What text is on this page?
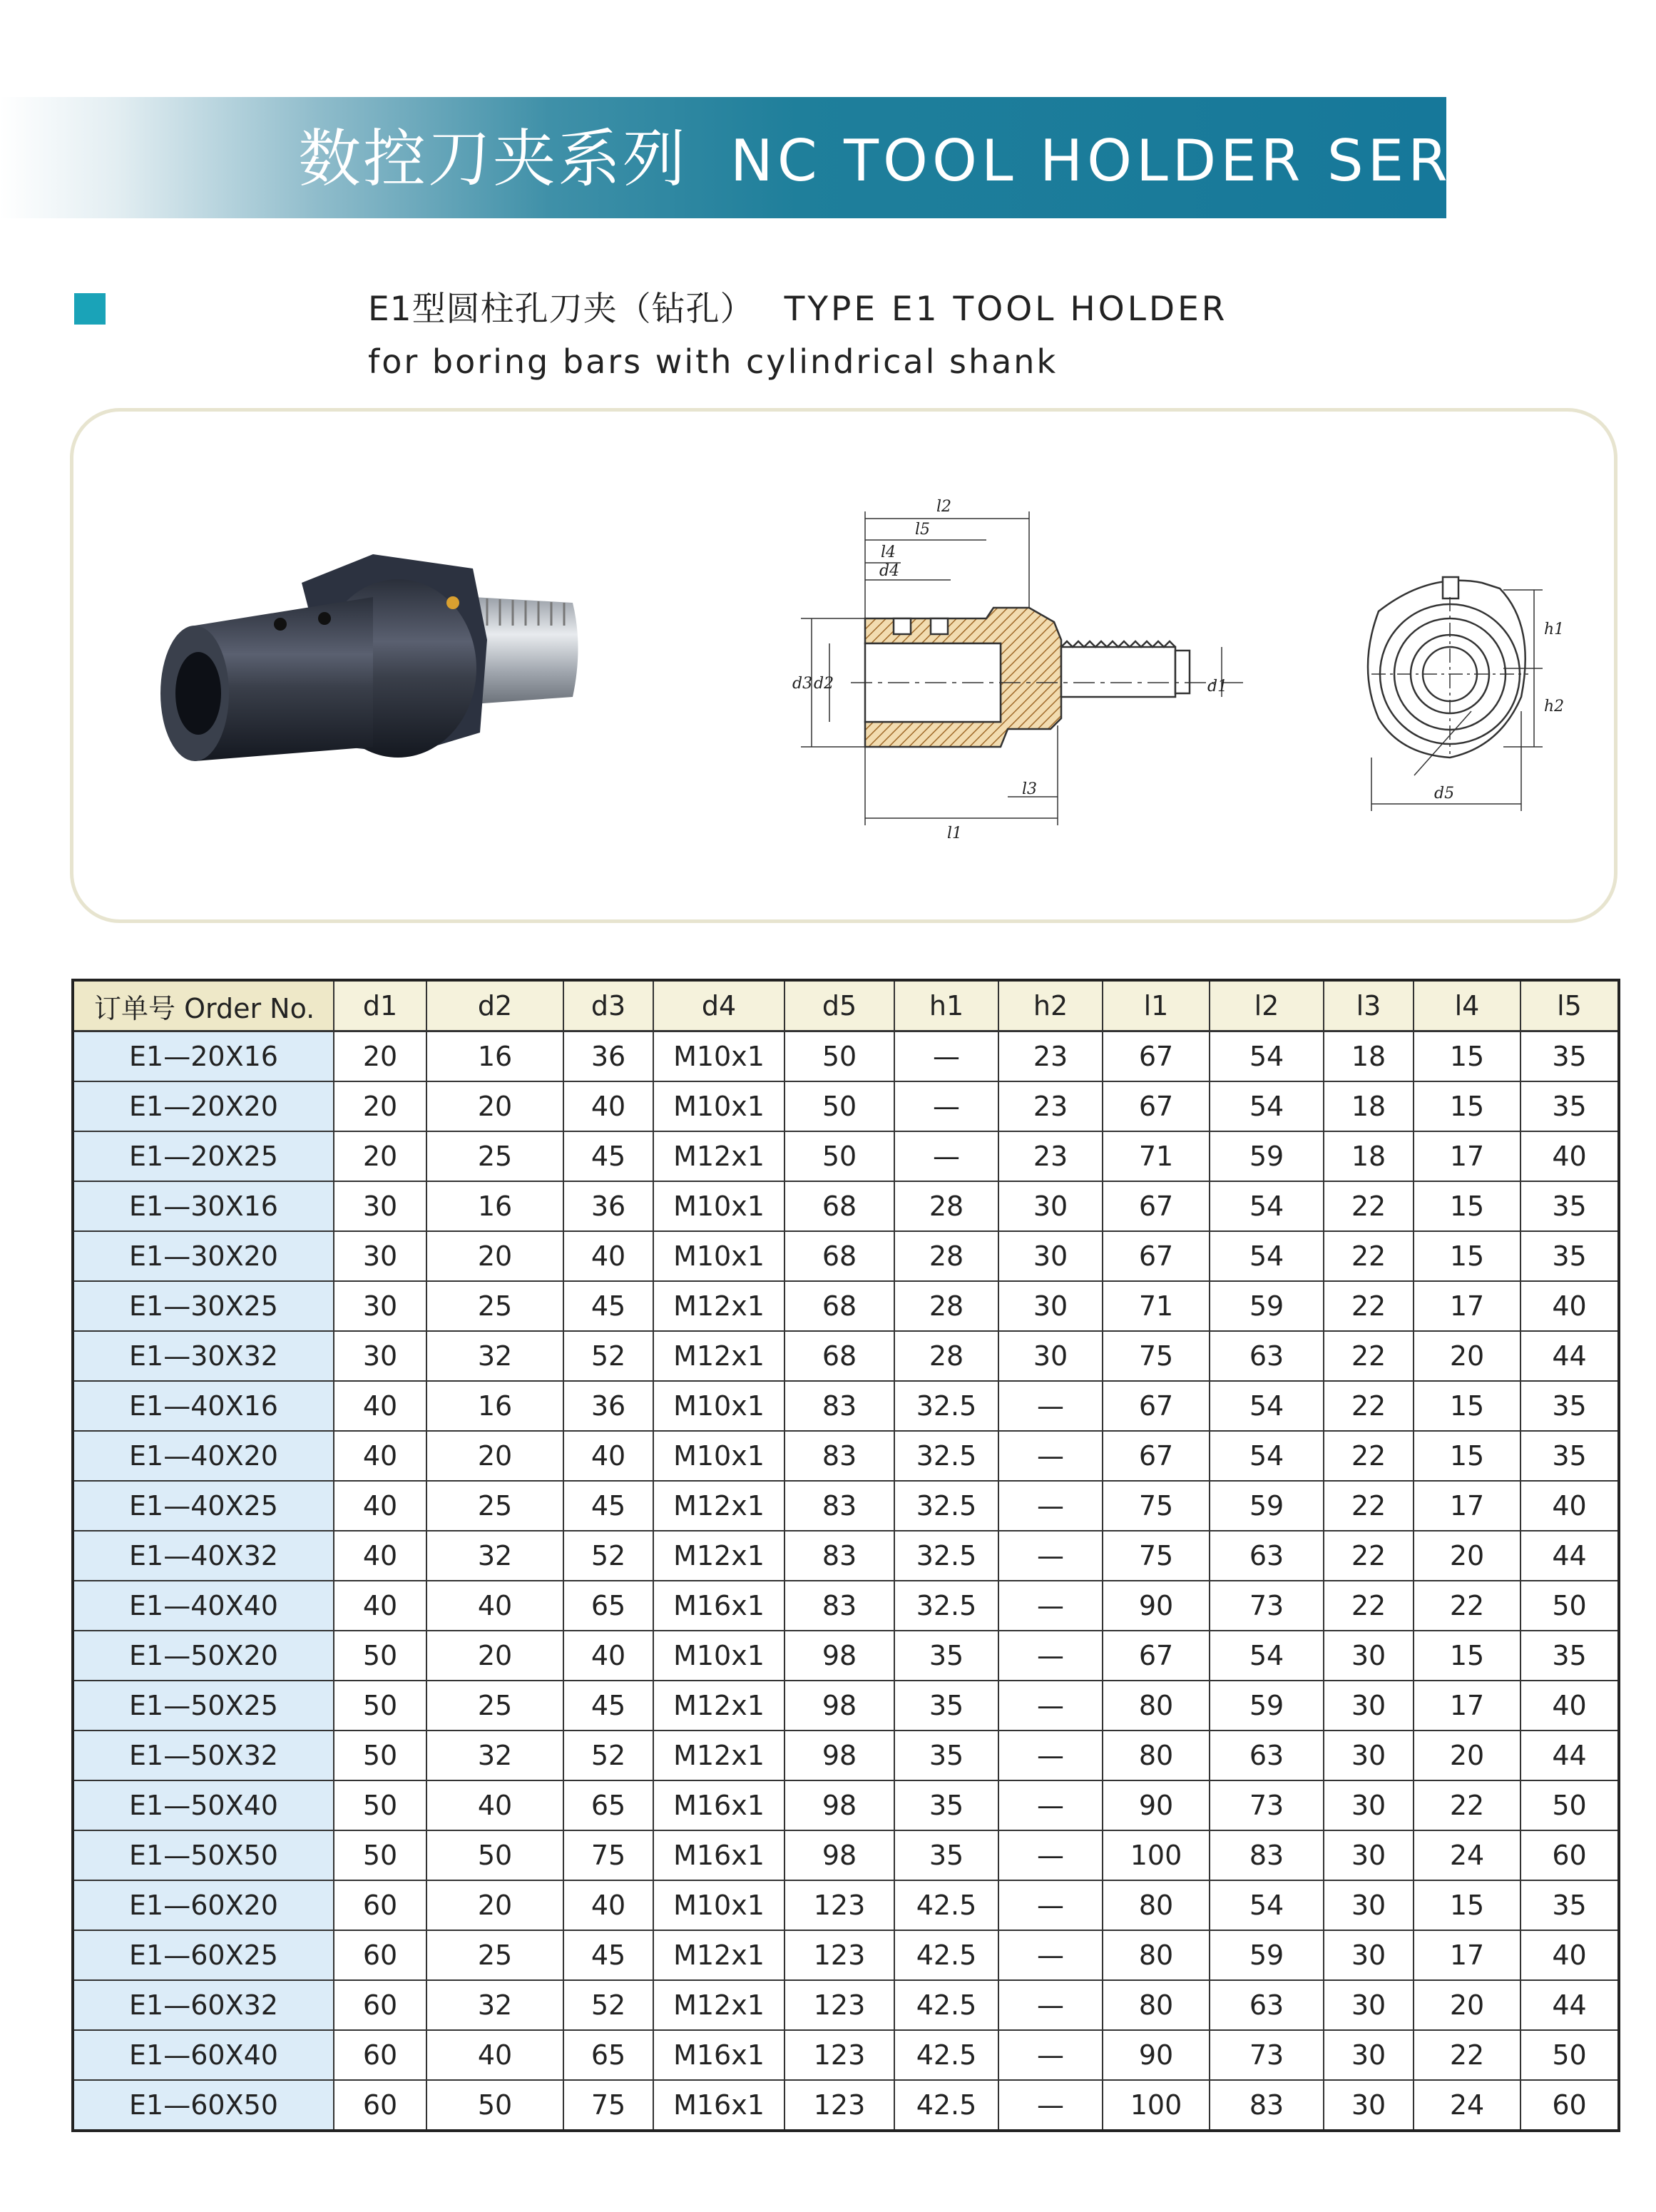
数控刀夹系列 NC TOOL HOLDER SERIES
E1型圆柱孔刀夹（钻孔） TYPE E1 TOOL HOLDER
for boring bars with cylindrical shank
l2
l5
l4
d4
l3
l1
d3 d2	d1
h1
h2
d5
订单号 Order No.	d1	d2	d3	d4	d5	h1	h2	l1	l2	l3	l4	l5
E1—20X16	20	16	36	M10x1	50	—	23	67	54	18	15	35
E1—20X20	20	20	40	M10x1	50	—	23	67	54	18	15	35
E1—20X25	20	25	45	M12x1	50	—	23	71	59	18	17	40
E1—30X16	30	16	36	M10x1	68	28	30	67	54	22	15	35
E1—30X20	30	20	40	M10x1	68	28	30	67	54	22	15	35
E1—30X25	30	25	45	M12x1	68	28	30	71	59	22	17	40
E1—30X32	30	32	52	M12x1	68	28	30	75	63	22	20	44
E1—40X16	40	16	36	M10x1	83	32.5	—	67	54	22	15	35
E1—40X20	40	20	40	M10x1	83	32.5	—	67	54	22	15	35
E1—40X25	40	25	45	M12x1	83	32.5	—	75	59	22	17	40
E1—40X32	40	32	52	M12x1	83	32.5	—	75	63	22	20	44
E1—40X40	40	40	65	M16x1	83	32.5	—	90	73	22	22	50
E1—50X20	50	20	40	M10x1	98	35	—	67	54	30	15	35
E1—50X25	50	25	45	M12x1	98	35	—	80	59	30	17	40
E1—50X32	50	32	52	M12x1	98	35	—	80	63	30	20	44
E1—50X40	50	40	65	M16x1	98	35	—	90	73	30	22	50
E1—50X50	50	50	75	M16x1	98	35	—	100	83	30	24	60
E1—60X20	60	20	40	M10x1	123	42.5	—	80	54	30	15	35
E1—60X25	60	25	45	M12x1	123	42.5	—	80	59	30	17	40
E1—60X32	60	32	52	M12x1	123	42.5	—	80	63	30	20	44
E1—60X40	60	40	65	M16x1	123	42.5	—	90	73	30	22	50
E1—60X50	60	50	75	M16x1	123	42.5	—	100	83	30	24	60
